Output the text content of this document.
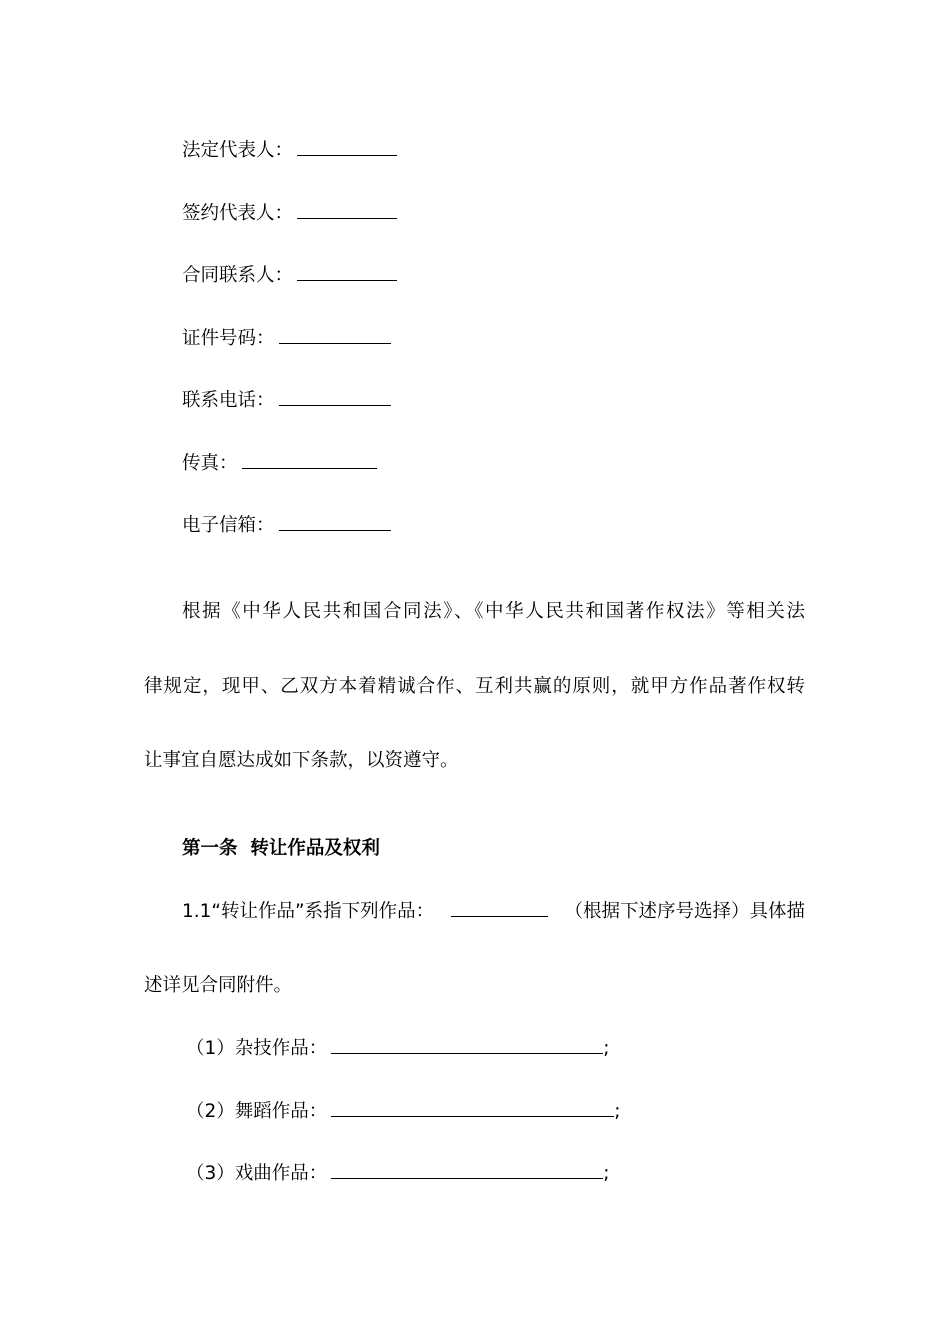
法定代表人：
签约代表人：
合同联系人：
证件号码：
联系电话：
传真：
电子信箱：
根据《中华人民共和国合同法》、《中华人民共和国著作权法》等相关法
律规定，现甲、乙双方本着精诚合作、互利共赢的原则，就甲方作品著作权转
让事宜自愿达成如下条款，以资遵守。
第一条  转让作品及权利
1.1“转让作品”系指下列作品：	（根据下述序号选择）具体描
述详见合同附件。
（1）杂技作品：	;
（2）舞蹈作品：	;
（3）戏曲作品：	;
